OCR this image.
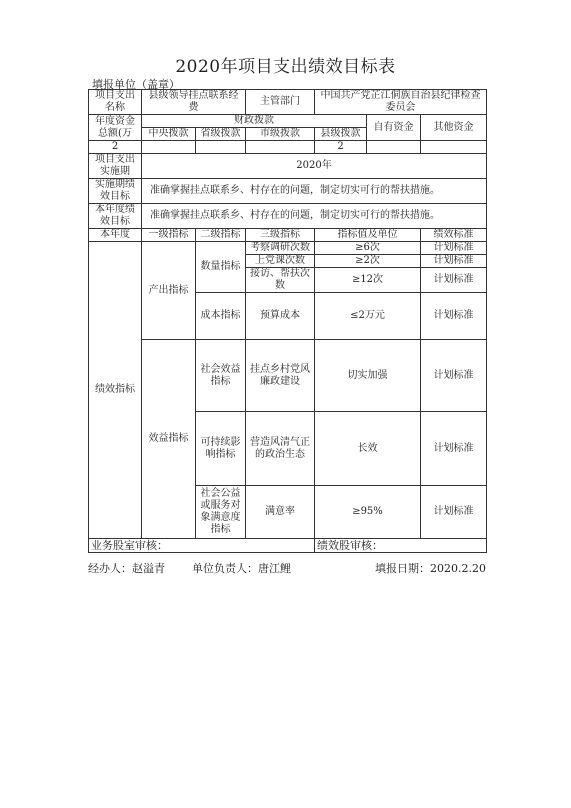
2020年项目支出绩效目标表
填报单位（盖章）
项目支出名称	县级领导挂点联系经费		主管部门	中国共产党芷江侗族自治县纪律检查委员会		
年度资金总额(万	财政拨款				自有资金	其他资金
	中央拨款	省级拨款	市级拨款	县级拨款		
2				2		
项目支出实施期	2020年					
实施期绩效目标	准确掌握挂点联系乡、村存在的问题，制定切实可行的帮扶措施。					
本年度绩效目标	准确掌握挂点联系乡、村存在的问题，制定切实可行的帮扶措施。					
本年度	一级指标	二级指标	三级指标	指标值及单位		绩效标准
绩效指标	产出指标	数量指标	考察调研次数	≥6次		计划标准
			上党课次数	≥2次		计划标准
			接访、帮扶次数	≥12次		计划标准
		成本指标	预算成本	≤2万元		计划标准
	效益指标	社会效益指标	挂点乡村党风廉政建设	切实加强		计划标准
		可持续影响指标	营造风清气正的政治生态	长效		计划标准
		社会公益或服务对象满意度指标	满意率	≥95%		计划标准
业务股室审核：				绩效股审核：		
经办人：赵溢青 单位负责人：唐江鲤	填报日期：2020.2.20
